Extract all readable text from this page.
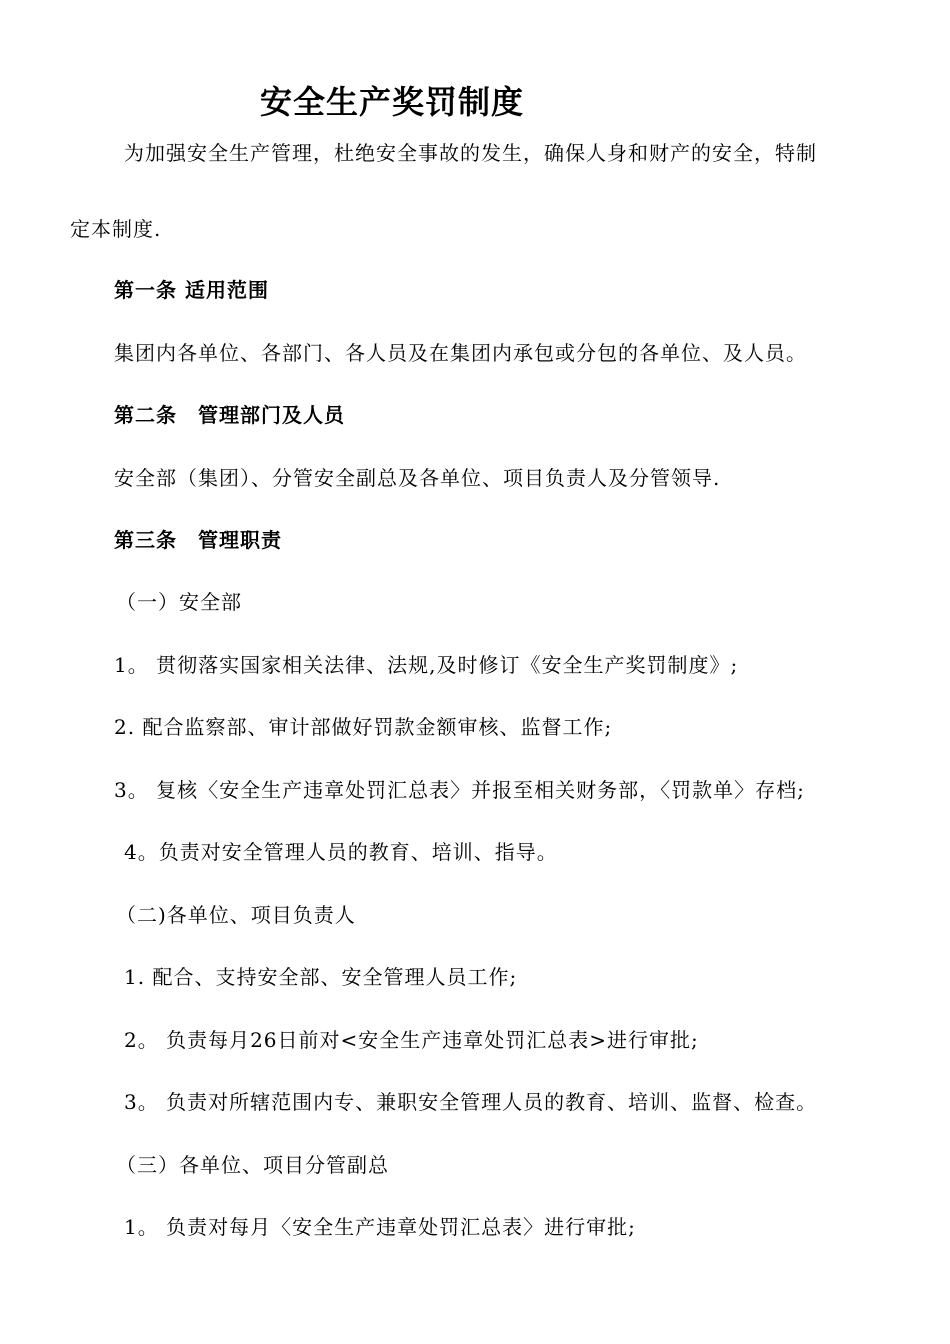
安全生产奖罚制度
为加强安全生产管理，杜绝安全事故的发生，确保人身和财产的安全，特制
定本制度.
第一条 适用范围
集团内各单位、各部门、各人员及在集团内承包或分包的各单位、及人员。
第二条　管理部门及人员
安全部（集团）、分管安全副总及各单位、项目负责人及分管领导.
第三条　管理职责
（一）安全部
1。 贯彻落实国家相关法律、法规,及时修订《安全生产奖罚制度》;
2. 配合监察部、审计部做好罚款金额审核、监督工作;
3。 复核〈安全生产违章处罚汇总表〉并报至相关财务部，〈罚款单〉存档;
4。负责对安全管理人员的教育、培训、指导。
（二)各单位、项目负责人
1. 配合、支持安全部、安全管理人员工作;
2。 负责每月26日前对<安全生产违章处罚汇总表>进行审批;
3。 负责对所辖范围内专、兼职安全管理人员的教育、培训、监督、检查。
（三）各单位、项目分管副总
1。 负责对每月〈安全生产违章处罚汇总表〉进行审批;
